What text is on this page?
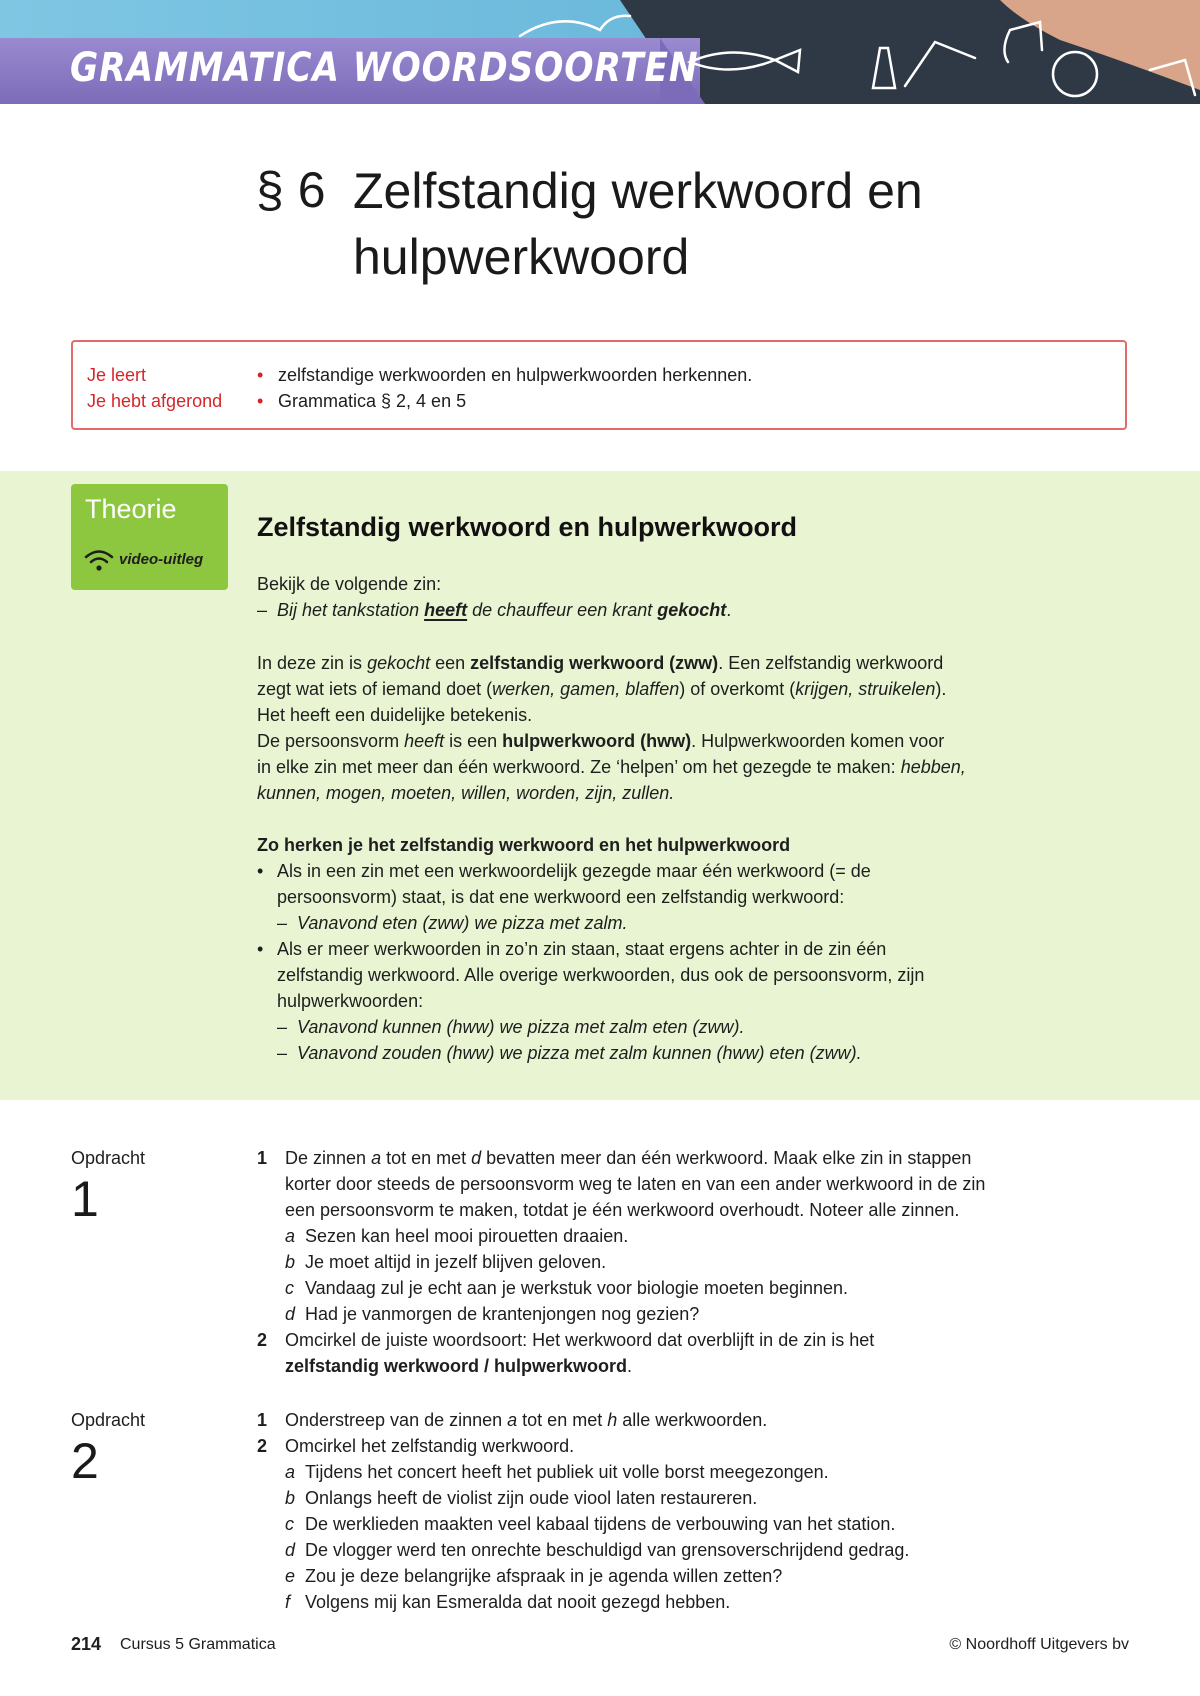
GRAMMATICA WOORDSOORTEN
§ 6 Zelfstandig werkwoord en hulpwerkwoord
Je leert	• zelfstandige werkwoorden en hulpwerkwoorden herkennen.
Je hebt afgerond • Grammatica § 2, 4 en 5
Theorie
video-uitleg
Zelfstandig werkwoord en hulpwerkwoord
Bekijk de volgende zin:
– Bij het tankstation heeft de chauffeur een krant gekocht.
In deze zin is gekocht een zelfstandig werkwoord (zww). Een zelfstandig werkwoord
zegt wat iets of iemand doet (werken, gamen, blaffen) of overkomt (krijgen, struikelen).
Het heeft een duidelijke betekenis.
De persoonsvorm heeft is een hulpwerkwoord (hww). Hulpwerkwoorden komen voor
in elke zin met meer dan één werkwoord. Ze ‘helpen’ om het gezegde te maken: hebben,
kunnen, mogen, moeten, willen, worden, zijn, zullen.
Zo herken je het zelfstandig werkwoord en het hulpwerkwoord
• Als in een zin met een werkwoordelijk gezegde maar één werkwoord (= de
persoonsvorm) staat, is dat ene werkwoord een zelfstandig werkwoord:
– Vanavond eten (zww) we pizza met zalm.
• Als er meer werkwoorden in zo’n zin staan, staat ergens achter in de zin één
zelfstandig werkwoord. Alle overige werkwoorden, dus ook de persoonsvorm, zijn
hulpwerkwoorden:
– Vanavond kunnen (hww) we pizza met zalm eten (zww).
– Vanavond zouden (hww) we pizza met zalm kunnen (hww) eten (zww).
Opdracht
1
1 De zinnen a tot en met d bevatten meer dan één werkwoord. Maak elke zin in stappen
korter door steeds de persoonsvorm weg te laten en van een ander werkwoord in de zin
een persoonsvorm te maken, totdat je één werkwoord overhoudt. Noteer alle zinnen.
a Sezen kan heel mooi pirouetten draaien.
b Je moet altijd in jezelf blijven geloven.
c Vandaag zul je echt aan je werkstuk voor biologie moeten beginnen.
d Had je vanmorgen de krantenjongen nog gezien?
2 Omcirkel de juiste woordsoort: Het werkwoord dat overblijft in de zin is het
zelfstandig werkwoord / hulpwerkwoord.
Opdracht
2
1 Onderstreep van de zinnen a tot en met h alle werkwoorden.
2 Omcirkel het zelfstandig werkwoord.
a Tijdens het concert heeft het publiek uit volle borst meegezongen.
b Onlangs heeft de violist zijn oude viool laten restaureren.
c De werklieden maakten veel kabaal tijdens de verbouwing van het station.
d De vlogger werd ten onrechte beschuldigd van grensoverschrijdend gedrag.
e Zou je deze belangrijke afspraak in je agenda willen zetten?
f Volgens mij kan Esmeralda dat nooit gezegd hebben.
214 Cursus 5 Grammatica	© Noordhoff Uitgevers bv
